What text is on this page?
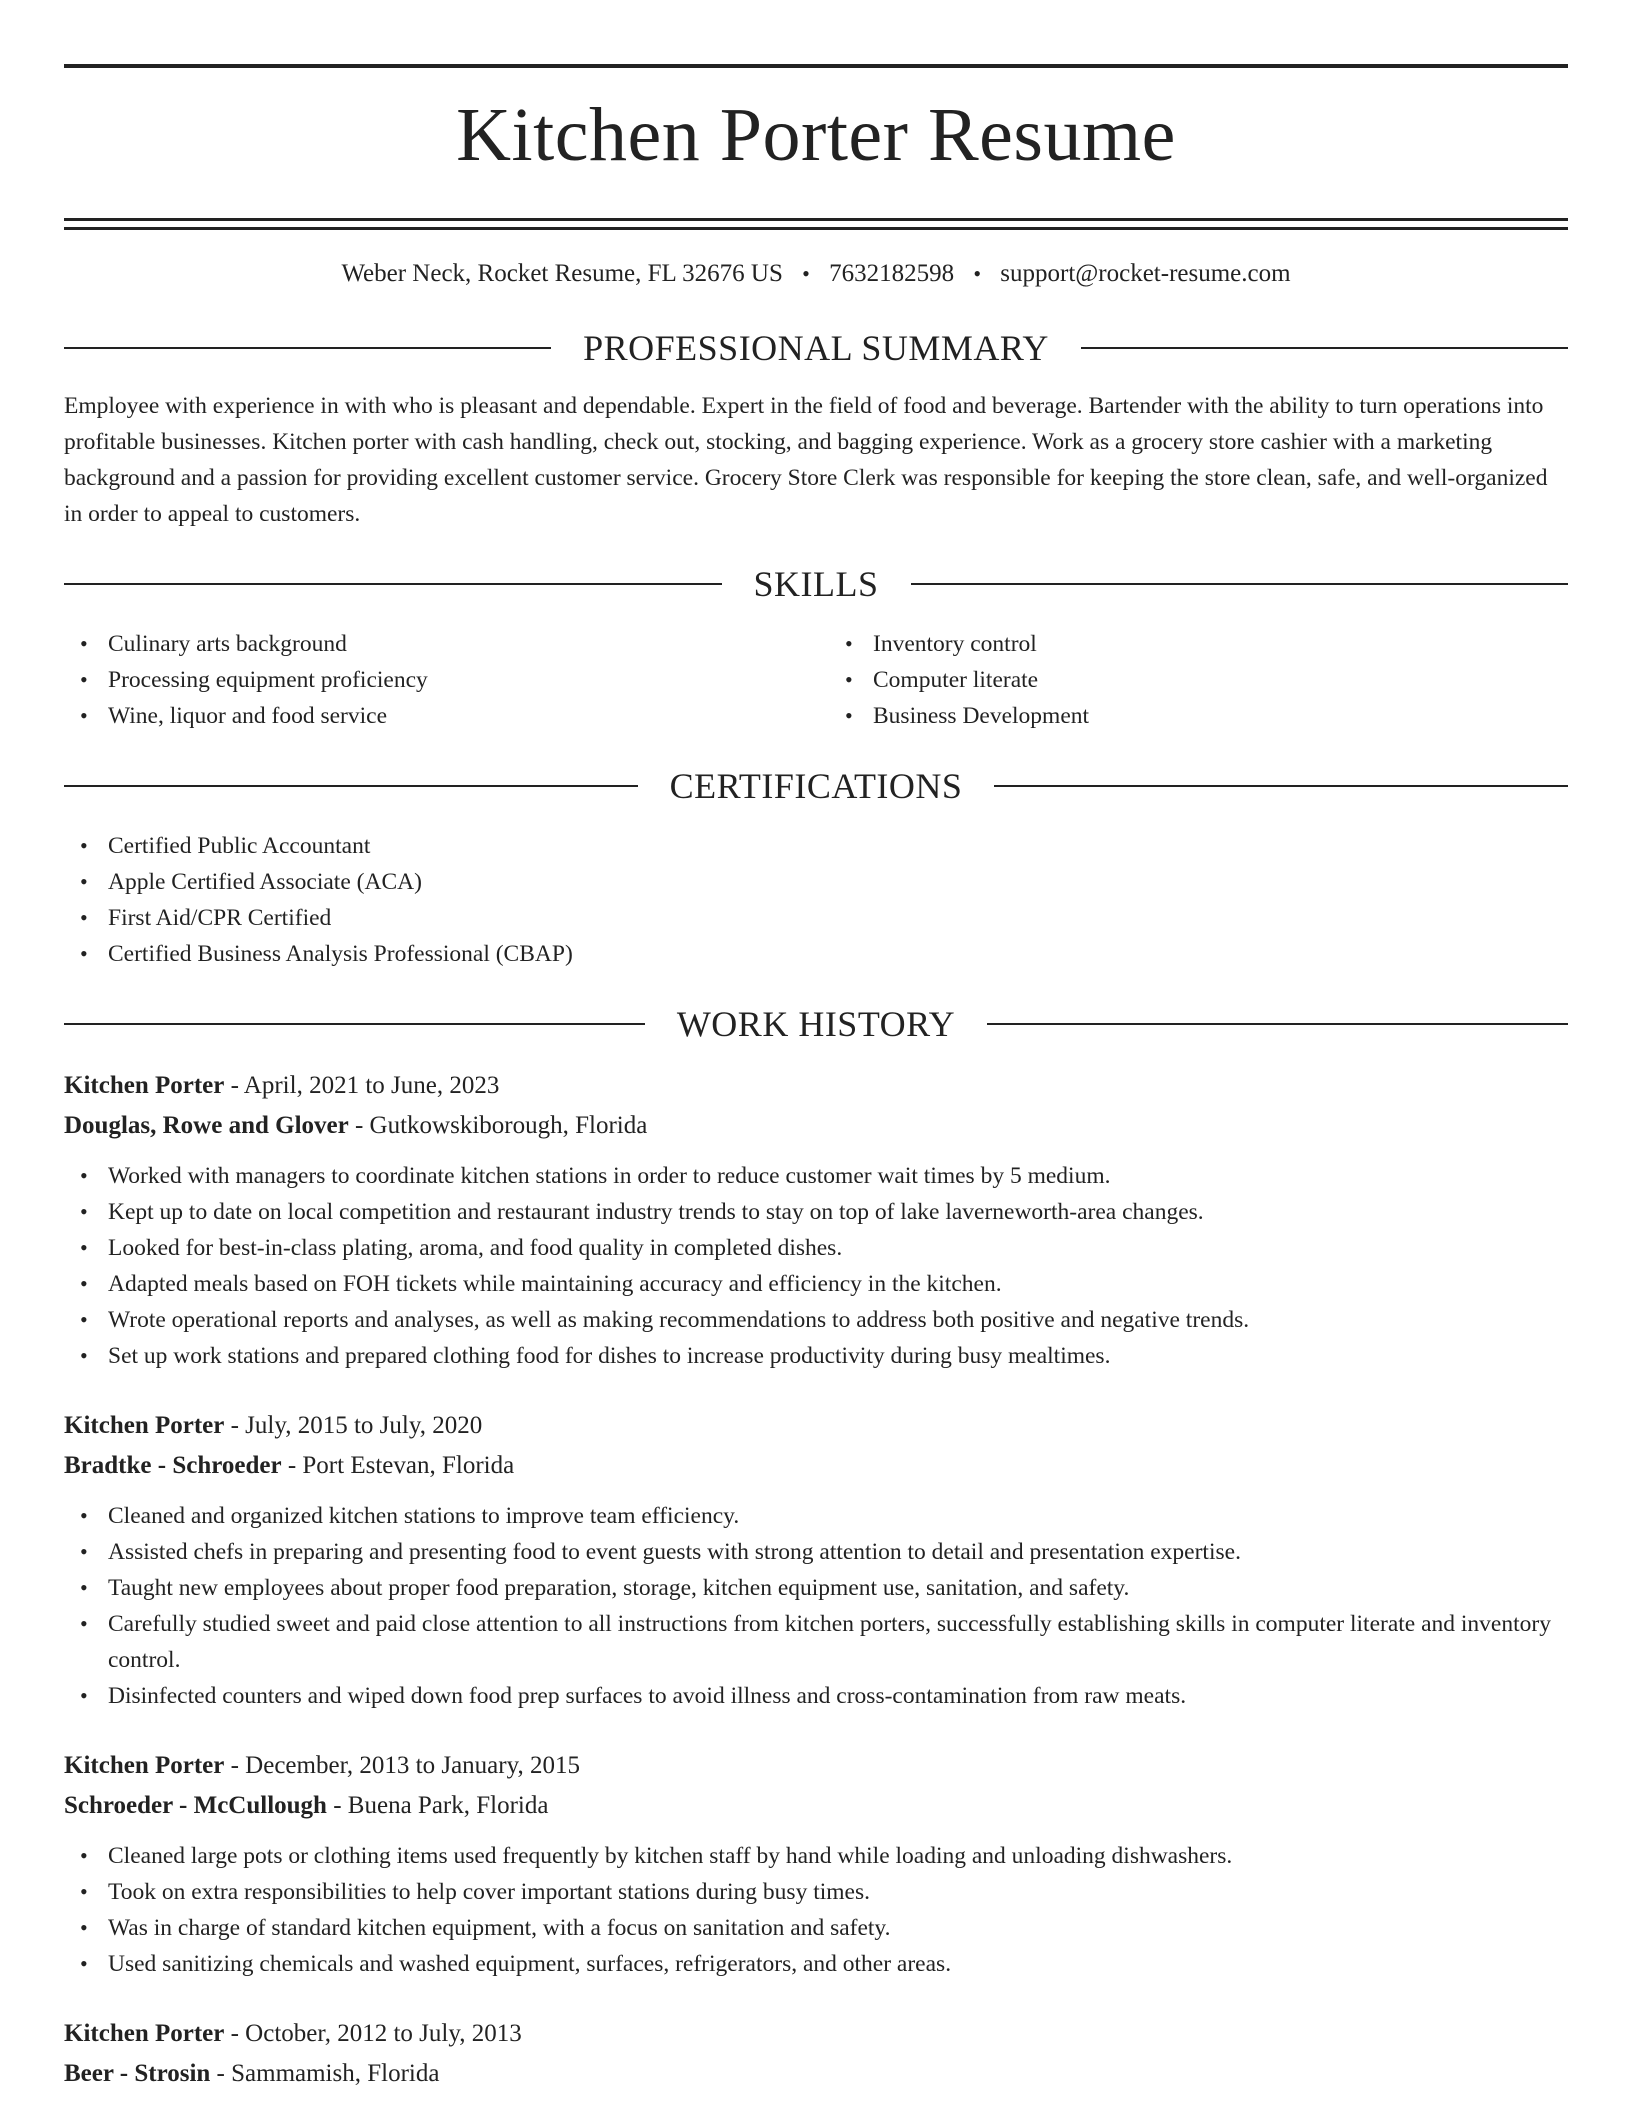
Kitchen Porter Resume
Weber Neck, Rocket Resume, FL 32676 US • 7632182598 • support@rocket-resume.com
PROFESSIONAL SUMMARY
Employee with experience in with who is pleasant and dependable. Expert in the field of food and beverage. Bartender with the ability to turn operations into profitable businesses. Kitchen porter with cash handling, check out, stocking, and bagging experience. Work as a grocery store cashier with a marketing background and a passion for providing excellent customer service. Grocery Store Clerk was responsible for keeping the store clean, safe, and well-organized in order to appeal to customers.
SKILLS
• Culinary arts background
• Processing equipment proficiency
• Wine, liquor and food service
• Inventory control
• Computer literate
• Business Development
CERTIFICATIONS
• Certified Public Accountant
• Apple Certified Associate (ACA)
• First Aid/CPR Certified
• Certified Business Analysis Professional (CBAP)
WORK HISTORY
Kitchen Porter - April, 2021 to June, 2023
Douglas, Rowe and Glover - Gutkowskiborough, Florida
• Worked with managers to coordinate kitchen stations in order to reduce customer wait times by 5 medium.
• Kept up to date on local competition and restaurant industry trends to stay on top of lake laverneworth-area changes.
• Looked for best-in-class plating, aroma, and food quality in completed dishes.
• Adapted meals based on FOH tickets while maintaining accuracy and efficiency in the kitchen.
• Wrote operational reports and analyses, as well as making recommendations to address both positive and negative trends.
• Set up work stations and prepared clothing food for dishes to increase productivity during busy mealtimes.
Kitchen Porter - July, 2015 to July, 2020
Bradtke - Schroeder - Port Estevan, Florida
• Cleaned and organized kitchen stations to improve team efficiency.
• Assisted chefs in preparing and presenting food to event guests with strong attention to detail and presentation expertise.
• Taught new employees about proper food preparation, storage, kitchen equipment use, sanitation, and safety.
• Carefully studied sweet and paid close attention to all instructions from kitchen porters, successfully establishing skills in computer literate and inventory control.
• Disinfected counters and wiped down food prep surfaces to avoid illness and cross-contamination from raw meats.
Kitchen Porter - December, 2013 to January, 2015
Schroeder - McCullough - Buena Park, Florida
• Cleaned large pots or clothing items used frequently by kitchen staff by hand while loading and unloading dishwashers.
• Took on extra responsibilities to help cover important stations during busy times.
• Was in charge of standard kitchen equipment, with a focus on sanitation and safety.
• Used sanitizing chemicals and washed equipment, surfaces, refrigerators, and other areas.
Kitchen Porter - October, 2012 to July, 2013
Beer - Strosin - Sammamish, Florida
